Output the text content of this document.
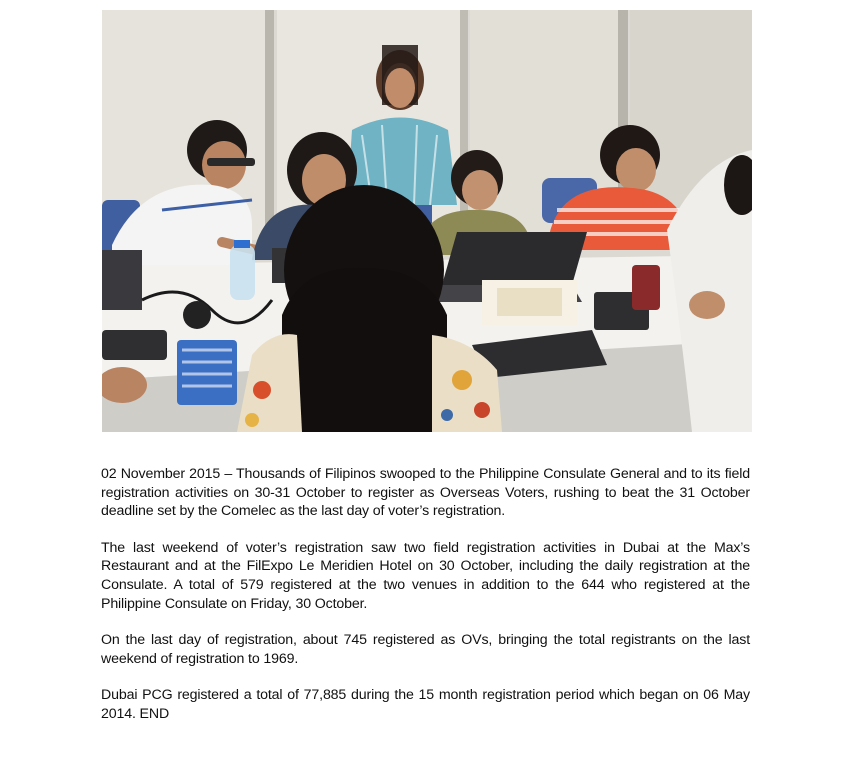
02 November 2015 – Thousands of Filipinos swooped to the Philippine Consulate General and to its field registration activities on 30-31 October to register as Overseas Voters, rushing to beat the 31 October deadline set by the Comelec as the last day of voter’s registration.

The last weekend of voter’s registration saw two field registration activities in Dubai at the Max’s Restaurant and at the FilExpo Le Meridien Hotel on 30 October, including the daily registration at the Consulate. A total of 579 registered at the two venues in addition to the 644 who registered at the Philippine Consulate on Friday, 30 October.

On the last day of registration, about 745 registered as OVs, bringing the total registrants on the last weekend of registration to 1969.

Dubai PCG registered a total of 77,885 during the 15 month registration period which began on 06 May 2014. END
